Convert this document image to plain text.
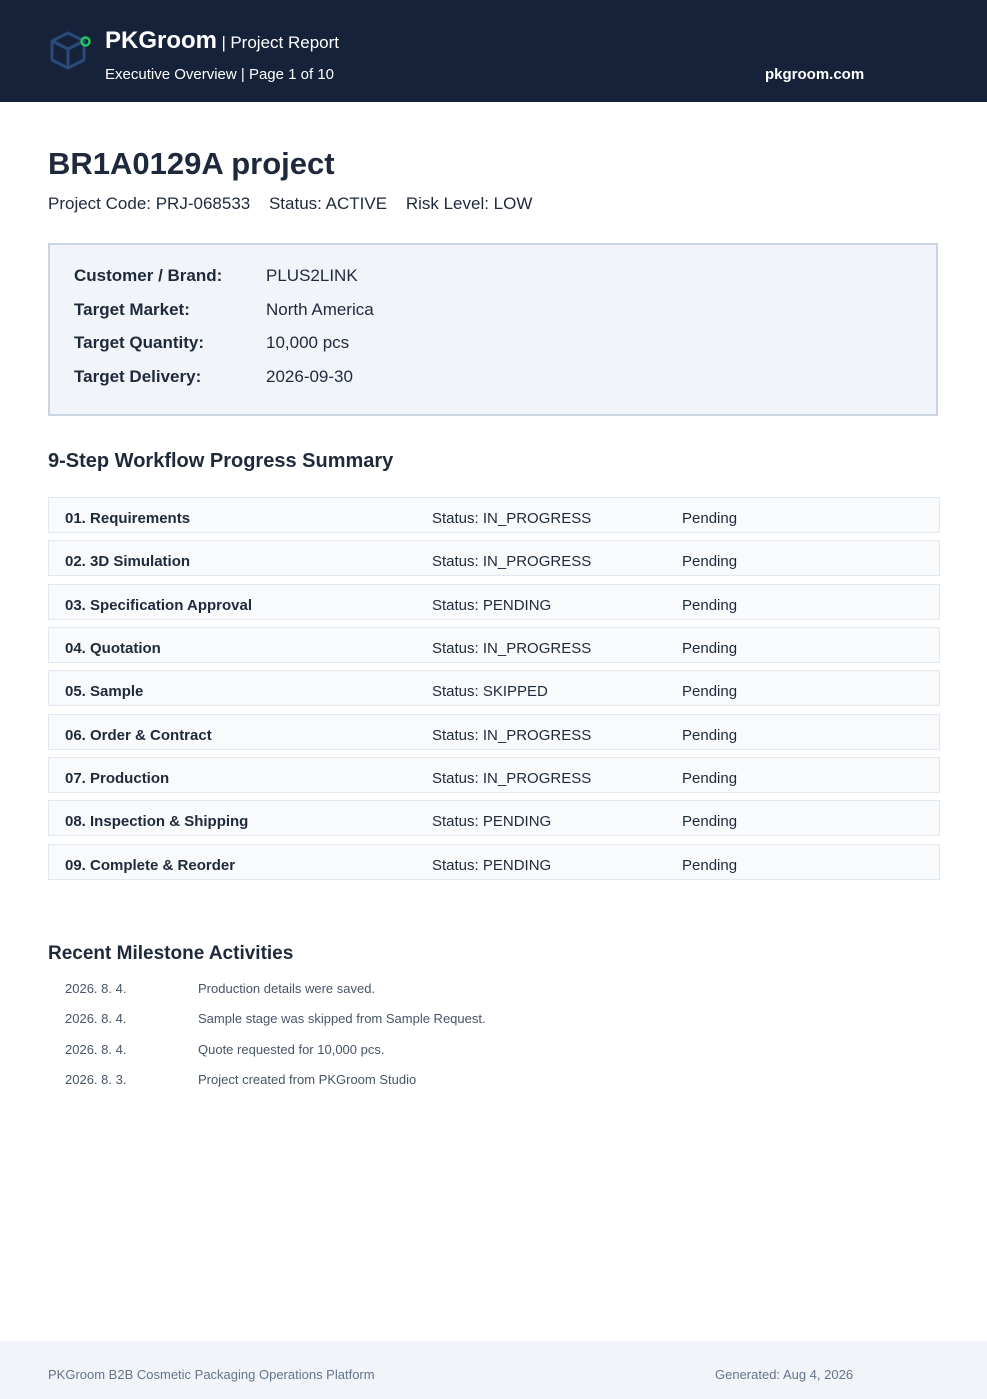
PKGroom | Project Report
Executive Overview | Page 1 of 10	pkgroom.com
BR1A0129A project
Project Code: PRJ-068533 Status: ACTIVE Risk Level: LOW
Customer / Brand:	PLUS2LINK
Target Market:	North America
Target Quantity:	10,000 pcs
Target Delivery:	2026-09-30
9-Step Workflow Progress Summary
01. Requirements	Status: IN_PROGRESS	Pending
02. 3D Simulation	Status: IN_PROGRESS	Pending
03. Specification Approval	Status: PENDING	Pending
04. Quotation	Status: IN_PROGRESS	Pending
05. Sample	Status: SKIPPED	Pending
06. Order & Contract	Status: IN_PROGRESS	Pending
07. Production	Status: IN_PROGRESS	Pending
08. Inspection & Shipping	Status: PENDING	Pending
09. Complete & Reorder	Status: PENDING	Pending
Recent Milestone Activities
2026. 8. 4.	Production details were saved.
2026. 8. 4.	Sample stage was skipped from Sample Request.
2026. 8. 4.	Quote requested for 10,000 pcs.
2026. 8. 3.	Project created from PKGroom Studio
PKGroom B2B Cosmetic Packaging Operations Platform	Generated: Aug 4, 2026
